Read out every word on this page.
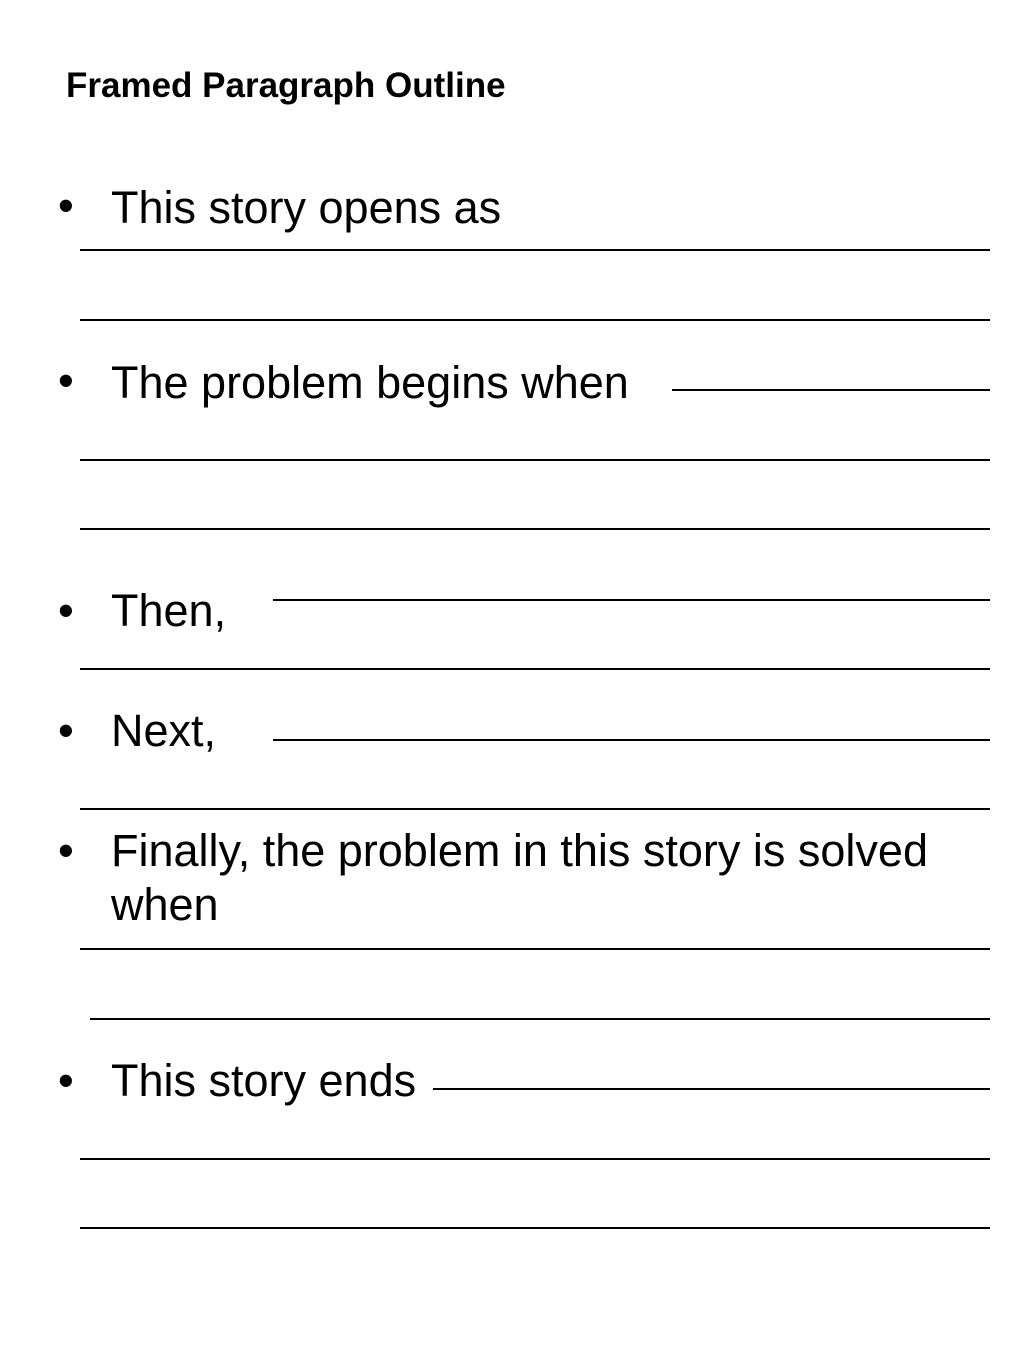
Framed Paragraph Outline
• This story opens as
• The problem begins when
• Then,
• Next,
• Finally, the problem in this story is solved
when
• This story ends
